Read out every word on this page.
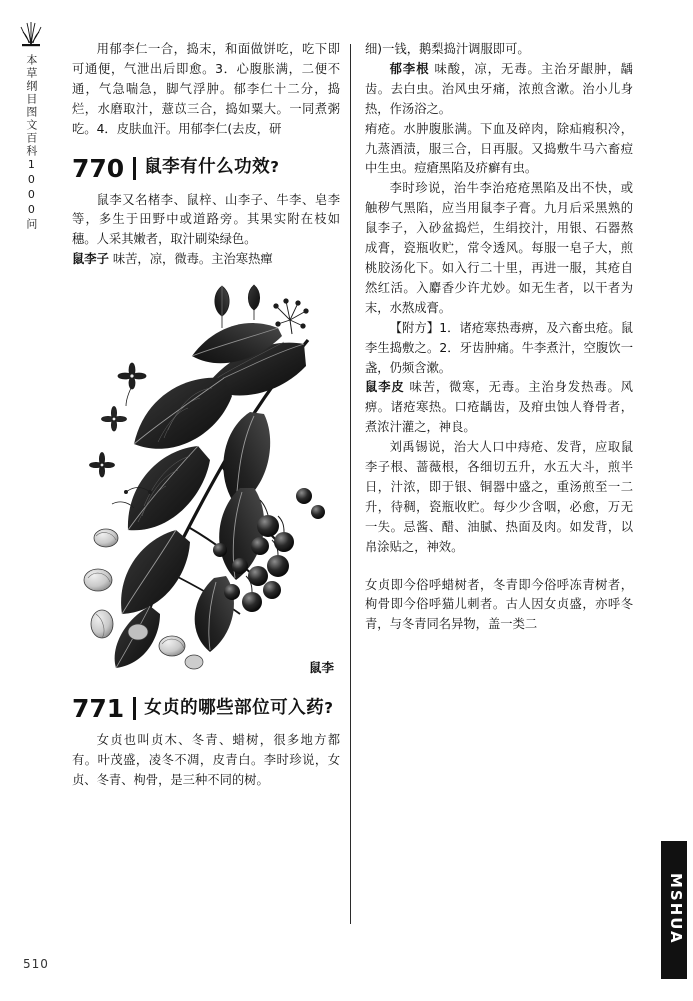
本草纲目图文百科1000问

用郁李仁一合，捣末，和面做饼吃，吃下即可通便，气泄出后即愈。3．心腹胀满，二便不通，气急喘急，脚气浮肿。郁李仁十二分，捣烂，水磨取汁，薏苡三合，捣如粟大。一同煮粥吃。4．皮肤血汗。用郁李仁(去皮，研

770 鼠李有什么功效?

鼠李又名楮李、鼠梓、山李子、牛李、皂李等，多生于田野中或道路旁。其果实附在枝如穗。人采其嫩者，取汁刷染绿色。

鼠李子 味苦，凉，微毒。主治寒热癉

鼠李
771 女贞的哪些部位可入药?

女贞也叫贞木、冬青、蜡树，很多地方都有。叶茂盛，凌冬不凋，皮青白。李时珍说，女贞、冬青、枸骨，是三种不同的树。

细)一钱，鹅梨捣汁调服即可。

郁李根 味酸，凉，无毒。主治牙龈肿，龋齿。去白虫。治风虫牙痛，浓煎含漱。治小儿身热，作汤浴之。

痏疮。水肿腹胀满。下血及碎肉，除疝瘕积冷，九蒸酒渍，服三合，日再服。又捣敷牛马六畜痘中生虫。痘瘡黑陷及疥癣有虫。

李时珍说，治牛李治疮疮黑陷及出不快，或触秽气黑陷，应当用鼠李子膏。九月后采黑熟的鼠李子，入砂盆捣烂，生绢挍汁，用银、石器熬成膏，瓷瓶收贮，常令透风。每服一皂子大，煎桃胶汤化下。如入行二十里，再进一服，其疮自然红活。入麝香少许尤妙。如无生者，以干者为末，水熬成膏。

【附方】1．诸疮寒热毒痹，及六畜虫疮。鼠李生捣敷之。2．牙齿肿痛。牛李煮汁，空腹饮一盏，仍频含漱。

鼠李皮 味苦，微寒，无毒。主治身发热毒。风痹。诸疮寒热。口疮龋齿，及疳虫蚀人脊骨者，煮浓汁灌之，神良。

刘禹锡说，治大人口中痔疮、发背，应取鼠李子根、蔷薇根，各细切五升，水五大斗，煎半日，汁浓，即于银、铜器中盛之，重汤煎至一二升，待稠，瓷瓶收贮。每少少含咽，必愈，万无一失。忌酱、醋、油腻、热面及肉。如发背，以帛涂贴之，神效。

女贞即今俗呼蜡树者，冬青即今俗呼冻青树者，枸骨即今俗呼猫儿刺者。古人因女贞盛，亦呼冬青，与冬青同名异物，盖一类二

510
MSHUA
